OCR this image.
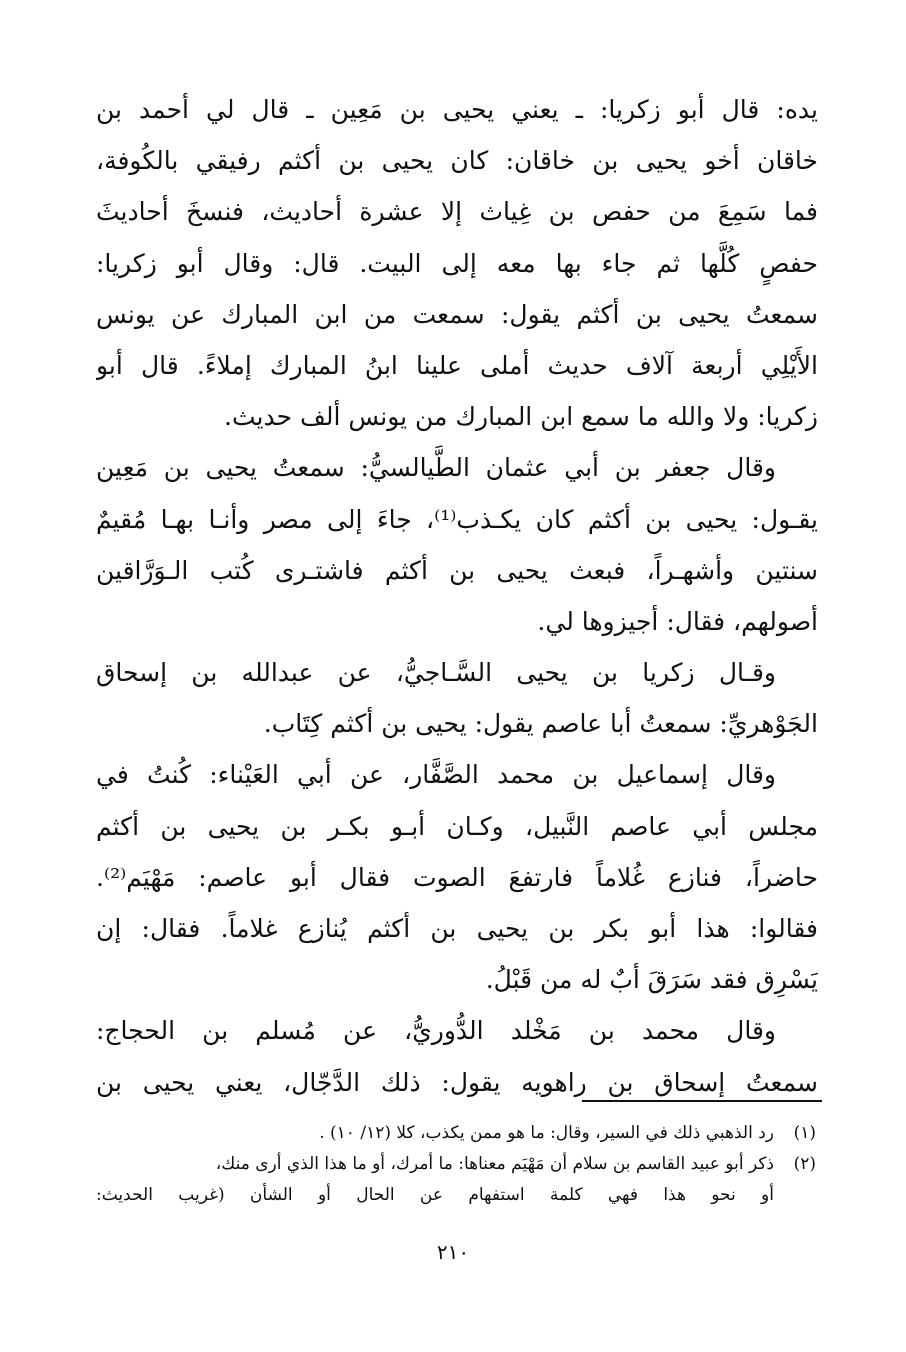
يده: قال أبو زكريا: ـ يعني يحيى بن مَعِين ـ قال لي أحمد بن
خاقان أخو يحيى بن خاقان: كان يحيى بن أكثم رفيقي بالكُوفة،
فما سَمِعَ من حفص بن غِياث إلا عشرة أحاديث، فنسخَ أحاديثَ
حفصٍ كُلَّها ثم جاء بها معه إلى البيت. قال: وقال أبو زكريا:
سمعتُ يحيى بن أكثم يقول: سمعت من ابن المبارك عن يونس
الأَيْلِي أربعة آلاف حديث أملى علينا ابنُ المبارك إملاءً. قال أبو
زكريا: ولا والله ما سمع ابن المبارك من يونس ألف حديث.
وقال جعفر بن أبي عثمان الطَّيالسيُّ: سمعتُ يحيى بن مَعِين
يقـول: يحيى بن أكثم كان يكـذب⁽¹⁾، جاءَ إلى مصر وأنـا بهـا مُقيمٌ
سنتين وأشهـراً، فبعث يحيى بن أكثم فاشتـرى كُتب الـوَرَّاقين
أصولهم، فقال: أجيزوها لي.
وقـال زكريا بن يحيى السَّـاجيُّ، عن عبدالله بن إسحاق
الجَوْهريِّ: سمعتُ أبا عاصم يقول: يحيى بن أكثم كِتَاب.
وقال إسماعيل بن محمد الصَّفَّار، عن أبي العَيْناء: كُنتُ في
مجلس أبي عاصم النَّبيل، وكـان أبـو بكـر بن يحيى بن أكثم
حاضراً، فنازع غُلاماً فارتفعَ الصوت فقال أبو عاصم: مَهْيَم⁽²⁾.
فقالوا: هذا أبو بكر بن يحيى بن أكثم يُنازع غلاماً. فقال: إن
يَسْرِق فقد سَرَقَ أبٌ له من قَبْلُ.
وقال محمد بن مَخْلد الدُّوريُّ، عن مُسلم بن الحجاج:
سمعتُ إسحاق بن راهويه يقول: ذلك الدَّجّال، يعني يحيى بن
(١)رد الذهبي ذلك في السير، وقال: ما هو ممن يكذب، كلا (١٢/ ١٠) .
(٢)ذكر أبو عبيد القاسم بن سلام أن مَهْيَم معناها: ما أمرك، أو ما هذا الذي أرى منك،
أو نحو هذا فهي كلمة استفهام عن الحال أو الشأن (غريب الحديث:
٢١٠
